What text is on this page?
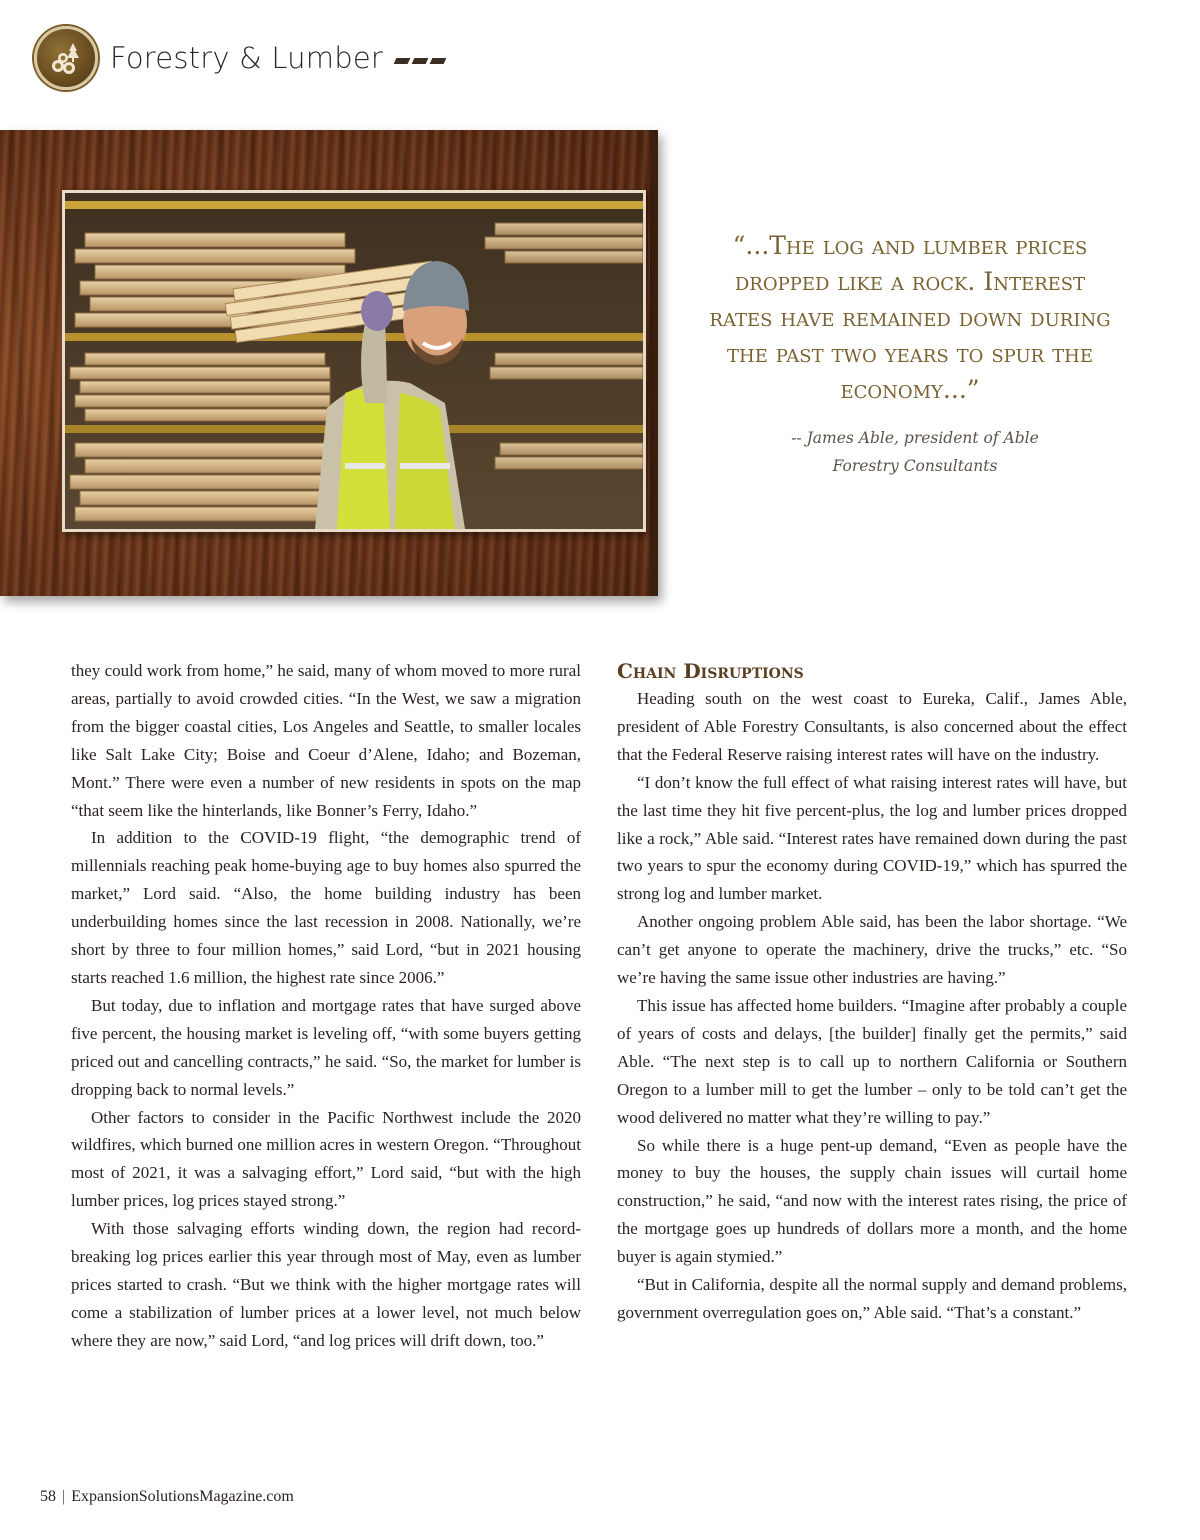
Forestry & Lumber
“...The log and lumber prices dropped like a rock. Interest rates have remained down during the past two years to spur the economy...”
-- James Able, president of Able
Forestry Consultants

they could work from home,” he said, many of whom moved to more rural areas, partially to avoid crowded cities. “In the West, we saw a migration from the bigger coastal cities, Los Angeles and Seattle, to smaller locales like Salt Lake City; Boise and Coeur d’Alene, Idaho; and Bozeman, Mont.” There were even a number of new residents in spots on the map “that seem like the hinterlands, like Bonner’s Ferry, Idaho.”

In addition to the COVID-19 flight, “the demographic trend of millennials reaching peak home-buying age to buy homes also spurred the market,” Lord said. “Also, the home building industry has been underbuilding homes since the last recession in 2008. Nationally, we’re short by three to four million homes,” said Lord, “but in 2021 housing starts reached 1.6 million, the highest rate since 2006.”

But today, due to inflation and mortgage rates that have surged above five percent, the housing market is leveling off, “with some buyers getting priced out and cancelling contracts,” he said. “So, the market for lumber is dropping back to normal levels.”

Other factors to consider in the Pacific Northwest include the 2020 wildfires, which burned one million acres in western Oregon. “Throughout most of 2021, it was a salvaging effort,” Lord said, “but with the high lumber prices, log prices stayed strong.”

With those salvaging efforts winding down, the region had record-breaking log prices earlier this year through most of May, even as lumber prices started to crash. “But we think with the higher mortgage rates will come a stabilization of lumber prices at a lower level, not much below where they are now,” said Lord, “and log prices will drift down, too.”

Chain Disruptions

Heading south on the west coast to Eureka, Calif., James Able, president of Able Forestry Consultants, is also concerned about the effect that the Federal Reserve raising interest rates will have on the industry.

“I don’t know the full effect of what raising interest rates will have, but the last time they hit five percent-plus, the log and lumber prices dropped like a rock,” Able said. “Interest rates have remained down during the past two years to spur the economy during COVID-19,” which has spurred the strong log and lumber market.

Another ongoing problem Able said, has been the labor shortage. “We can’t get anyone to operate the machinery, drive the trucks,” etc. “So we’re having the same issue other industries are having.”

This issue has affected home builders. “Imagine after probably a couple of years of costs and delays, [the builder] finally get the permits,” said Able. “The next step is to call up to northern California or Southern Oregon to a lumber mill to get the lumber – only to be told can’t get the wood delivered no matter what they’re willing to pay.”

So while there is a huge pent-up demand, “Even as people have the money to buy the houses, the supply chain issues will curtail home construction,” he said, “and now with the interest rates rising, the price of the mortgage goes up hundreds of dollars more a month, and the home buyer is again stymied.”

“But in California, despite all the normal supply and demand problems, government overregulation goes on,” Able said. “That’s a constant.”

58 | ExpansionSolutionsMagazine.com
